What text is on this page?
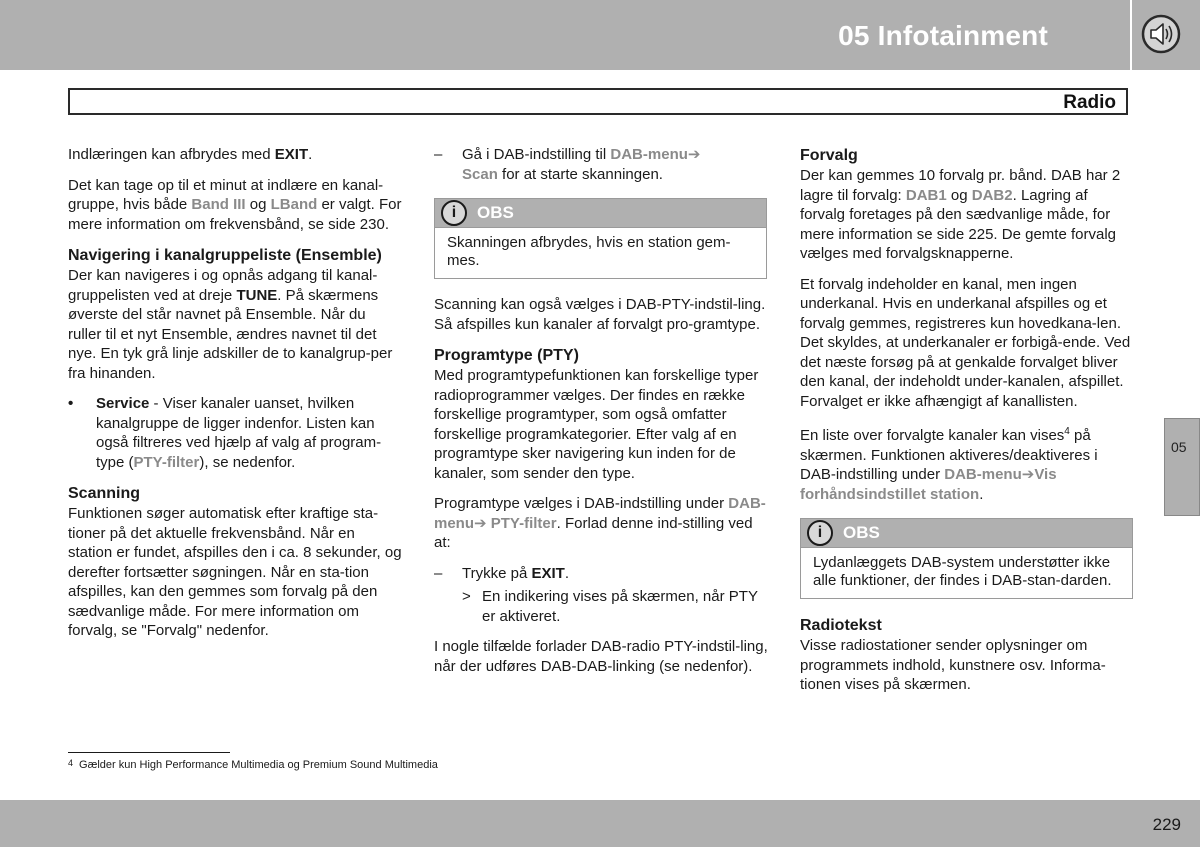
05 Infotainment
Radio

Indlæringen kan afbrydes med EXIT.

Det kan tage op til et minut at indlære en kanal-gruppe, hvis både Band III og LBand er valgt. For mere information om frekvensbånd, se side 230.

Navigering i kanalgruppeliste (Ensemble)

Der kan navigeres i og opnås adgang til kanal-gruppelisten ved at dreje TUNE. På skærmens øverste del står navnet på Ensemble. Når du ruller til et nyt Ensemble, ændres navnet til det nye. En tyk grå linje adskiller de to kanalgrup-per fra hinanden.

•	Service - Viser kanaler uanset, hvilken kanalgruppe de ligger indenfor. Listen kan også filtreres ved hjælp af valg af program-type (PTY-filter), se nedenfor.
Scanning

Funktionen søger automatisk efter kraftige sta-tioner på det aktuelle frekvensbånd. Når en station er fundet, afspilles den i ca. 8 sekunder, og derefter fortsætter søgningen. Når en sta-tion afspilles, kan den gemmes som forvalg på den sædvanlige måde. For mere information om forvalg, se "Forvalg" nedenfor.

–	Gå i DAB-indstilling til DAB-menu➔
Scan for at starte skanningen.
i	OBS
Skanningen afbrydes, hvis en station gem-mes.

Scanning kan også vælges i DAB-PTY-indstil-ling. Så afspilles kun kanaler af forvalgt pro-gramtype.

Programtype (PTY)

Med programtypefunktionen kan forskellige typer radioprogrammer vælges. Der findes en række forskellige programtyper, som også omfatter forskellige programkategorier. Efter valg af en programtype sker navigering kun inden for de kanaler, som sender den type.

Programtype vælges i DAB-indstilling under DAB-menu➔ PTY-filter. Forlad denne ind-stilling ved at:

–	Trykke på EXIT.
> En indikering vises på skærmen, når PTY er aktiveret.

I nogle tilfælde forlader DAB-radio PTY-indstil-ling, når der udføres DAB-DAB-linking (se nedenfor).

Forvalg

Der kan gemmes 10 forvalg pr. bånd. DAB har 2 lagre til forvalg: DAB1 og DAB2. Lagring af forvalg foretages på den sædvanlige måde, for mere information se side 225. De gemte forvalg vælges med forvalgsknapperne.

Et forvalg indeholder en kanal, men ingen underkanal. Hvis en underkanal afspilles og et forvalg gemmes, registreres kun hovedkana-len. Det skyldes, at underkanaler er forbigå-ende. Ved det næste forsøg på at genkalde forvalget bliver den kanal, der indeholdt under-kanalen, afspillet. Forvalget er ikke afhængigt af kanallisten.

En liste over forvalgte kanaler kan vises$^4$ på skærmen. Funktionen aktiveres/deaktiveres i DAB-indstilling under DAB-menu➔Vis forhåndsindstillet station.

i	OBS
Lydanlæggets DAB-system understøtter ikke alle funktioner, der findes i DAB-stan-darden.
Radiotekst

Visse radiostationer sender oplysninger om programmets indhold, kunstnere osv. Informa-tionen vises på skærmen.

05
4 Gælder kun High Performance Multimedia og Premium Sound Multimedia
229
